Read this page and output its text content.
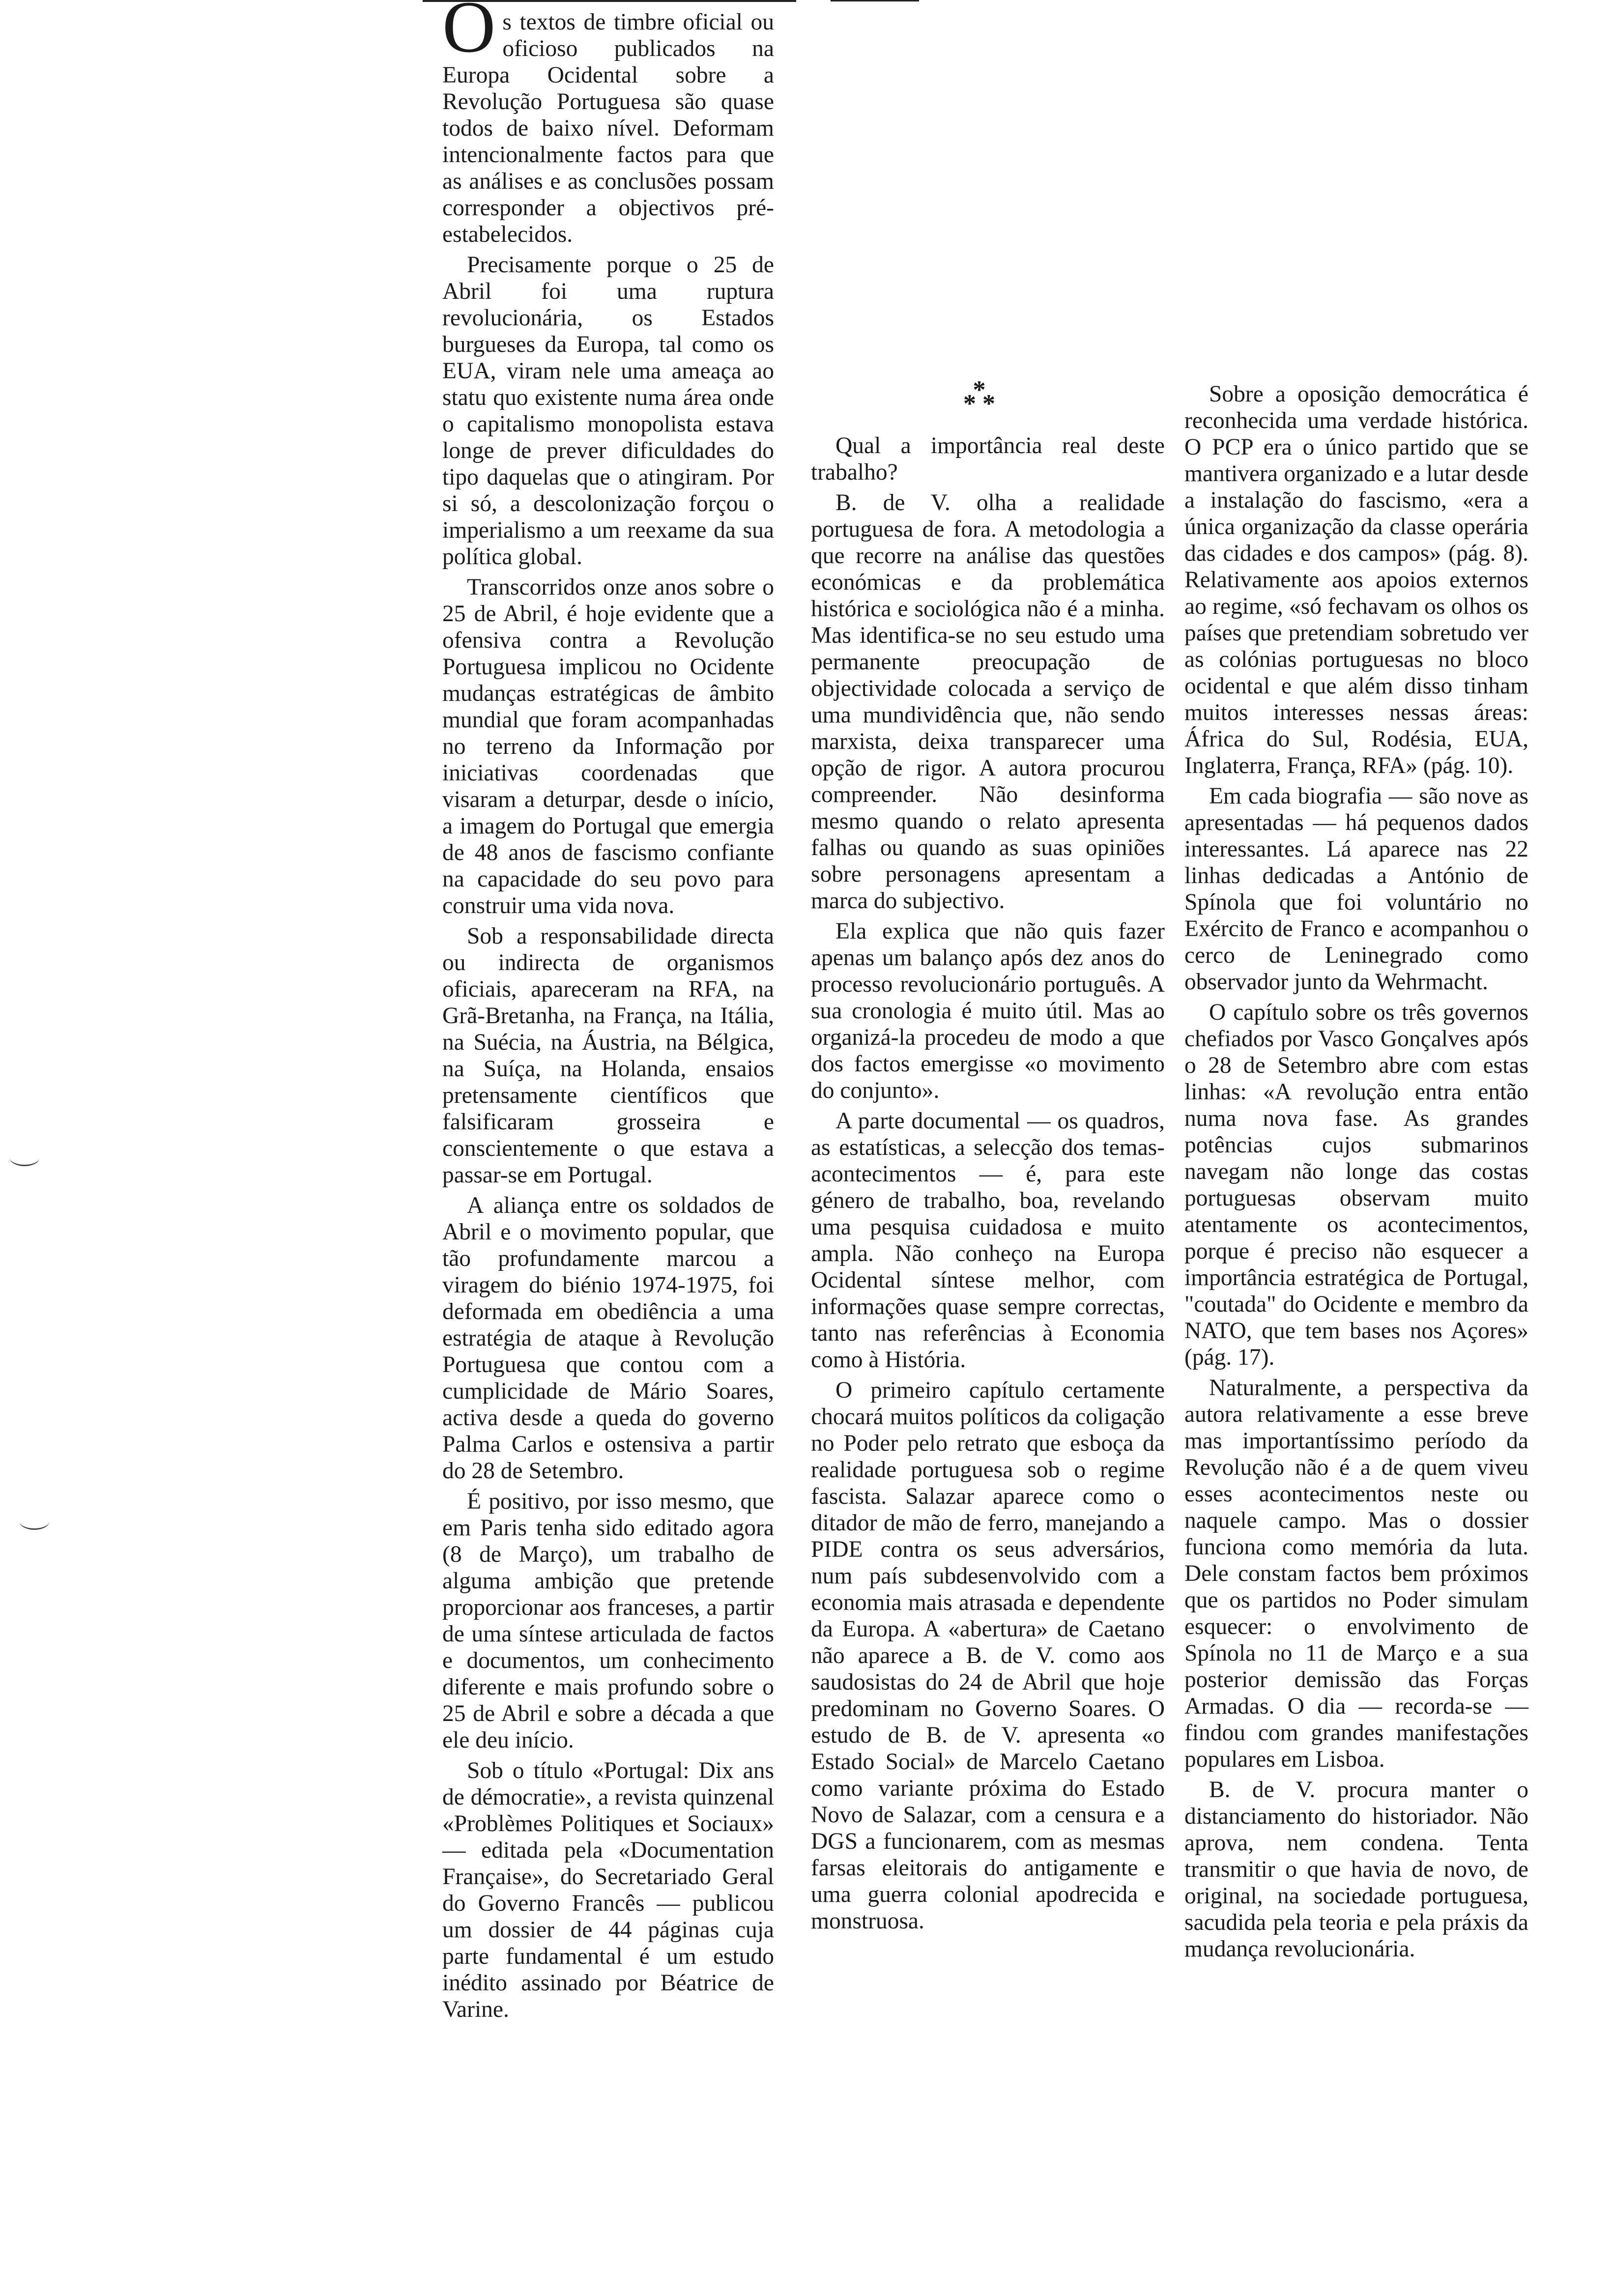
Os textos de timbre oficial ou oficioso publicados na Europa Ocidental sobre a Revolução Portuguesa são quase todos de baixo nível. Deformam intencionalmente factos para que as análises e as conclusões possam corresponder a objectivos pré-estabelecidos.

Precisamente porque o 25 de Abril foi uma ruptura revolucionária, os Estados burgueses da Europa, tal como os EUA, viram nele uma ameaça ao statu quo existente numa área onde o capitalismo monopolista estava longe de prever dificuldades do tipo daquelas que o atingiram. Por si só, a descolonização forçou o imperialismo a um reexame da sua política global.

Transcorridos onze anos sobre o 25 de Abril, é hoje evidente que a ofensiva contra a Revolução Portuguesa implicou no Ocidente mudanças estratégicas de âmbito mundial que foram acompanhadas no terreno da Informação por iniciativas coordenadas que visaram a deturpar, desde o início, a imagem do Portugal que emergia de 48 anos de fascismo confiante na capacidade do seu povo para construir uma vida nova.

Sob a responsabilidade directa ou indirecta de organismos oficiais, apareceram na RFA, na Grã-Bretanha, na França, na Itália, na Suécia, na Áustria, na Bélgica, na Suíça, na Holanda, ensaios pretensamente científicos que falsificaram grosseira e conscientemente o que estava a passar-se em Portugal.

A aliança entre os soldados de Abril e o movimento popular, que tão profundamente marcou a viragem do biénio 1974-1975, foi deformada em obediência a uma estratégia de ataque à Revolução Portuguesa que contou com a cumplicidade de Mário Soares, activa desde a queda do governo Palma Carlos e ostensiva a partir do 28 de Setembro.

É positivo, por isso mesmo, que em Paris tenha sido editado agora (8 de Março), um trabalho de alguma ambição que pretende proporcionar aos franceses, a partir de uma síntese articulada de factos e documentos, um conhecimento diferente e mais profundo sobre o 25 de Abril e sobre a década a que ele deu início.

Sob o título «Portugal: Dix ans de démocratie», a revista quinzenal «Problèmes Politiques et Sociaux» — editada pela «Documentation Française», do Secretariado Geral do Governo Francês — publicou um dossier de 44 páginas cuja parte fundamental é um estudo inédito assinado por Béatrice de Varine.

*
* *

Qual a importância real deste trabalho?

B. de V. olha a realidade portuguesa de fora. A metodologia a que recorre na análise das questões económicas e da problemática histórica e sociológica não é a minha. Mas identifica-se no seu estudo uma permanente preocupação de objectividade colocada a serviço de uma mundividência que, não sendo marxista, deixa transparecer uma opção de rigor. A autora procurou compreender. Não desinforma mesmo quando o relato apresenta falhas ou quando as suas opiniões sobre personagens apresentam a marca do subjectivo.

Ela explica que não quis fazer apenas um balanço após dez anos do processo revolucionário português. A sua cronologia é muito útil. Mas ao organizá-la procedeu de modo a que dos factos emergisse «o movimento do conjunto».

A parte documental — os quadros, as estatísticas, a selecção dos temas-acontecimentos — é, para este género de trabalho, boa, revelando uma pesquisa cuidadosa e muito ampla. Não conheço na Europa Ocidental síntese melhor, com informações quase sempre correctas, tanto nas referências à Economia como à História.

O primeiro capítulo certamente chocará muitos políticos da coligação no Poder pelo retrato que esboça da realidade portuguesa sob o regime fascista. Salazar aparece como o ditador de mão de ferro, manejando a PIDE contra os seus adversários, num país subdesenvolvido com a economia mais atrasada e dependente da Europa. A «abertura» de Caetano não aparece a B. de V. como aos saudosistas do 24 de Abril que hoje predominam no Governo Soares. O estudo de B. de V. apresenta «o Estado Social» de Marcelo Caetano como variante próxima do Estado Novo de Salazar, com a censura e a DGS a funcionarem, com as mesmas farsas eleitorais do antigamente e uma guerra colonial apodrecida e monstruosa.

Sobre a oposição democrática é reconhecida uma verdade histórica. O PCP era o único partido que se mantivera organizado e a lutar desde a instalação do fascismo, «era a única organização da classe operária das cidades e dos campos» (pág. 8). Relativamente aos apoios externos ao regime, «só fechavam os olhos os países que pretendiam sobretudo ver as colónias portuguesas no bloco ocidental e que além disso tinham muitos interesses nessas áreas: África do Sul, Rodésia, EUA, Inglaterra, França, RFA» (pág. 10).

Em cada biografia — são nove as apresentadas — há pequenos dados interessantes. Lá aparece nas 22 linhas dedicadas a António de Spínola que foi voluntário no Exército de Franco e acompanhou o cerco de Leninegrado como observador junto da Wehrmacht.

O capítulo sobre os três governos chefiados por Vasco Gonçalves após o 28 de Setembro abre com estas linhas: «A revolução entra então numa nova fase. As grandes potências cujos submarinos navegam não longe das costas portuguesas observam muito atentamente os acontecimentos, porque é preciso não esquecer a importância estratégica de Portugal, "coutada" do Ocidente e membro da NATO, que tem bases nos Açores» (pág. 17).

Naturalmente, a perspectiva da autora relativamente a esse breve mas importantíssimo período da Revolução não é a de quem viveu esses acontecimentos neste ou naquele campo. Mas o dossier funciona como memória da luta. Dele constam factos bem próximos que os partidos no Poder simulam esquecer: o envolvimento de Spínola no 11 de Março e a sua posterior demissão das Forças Armadas. O dia — recorda-se — findou com grandes manifestações populares em Lisboa.

B. de V. procura manter o distanciamento do historiador. Não aprova, nem condena. Tenta transmitir o que havia de novo, de original, na sociedade portuguesa, sacudida pela teoria e pela práxis da mudança revolucionária.
